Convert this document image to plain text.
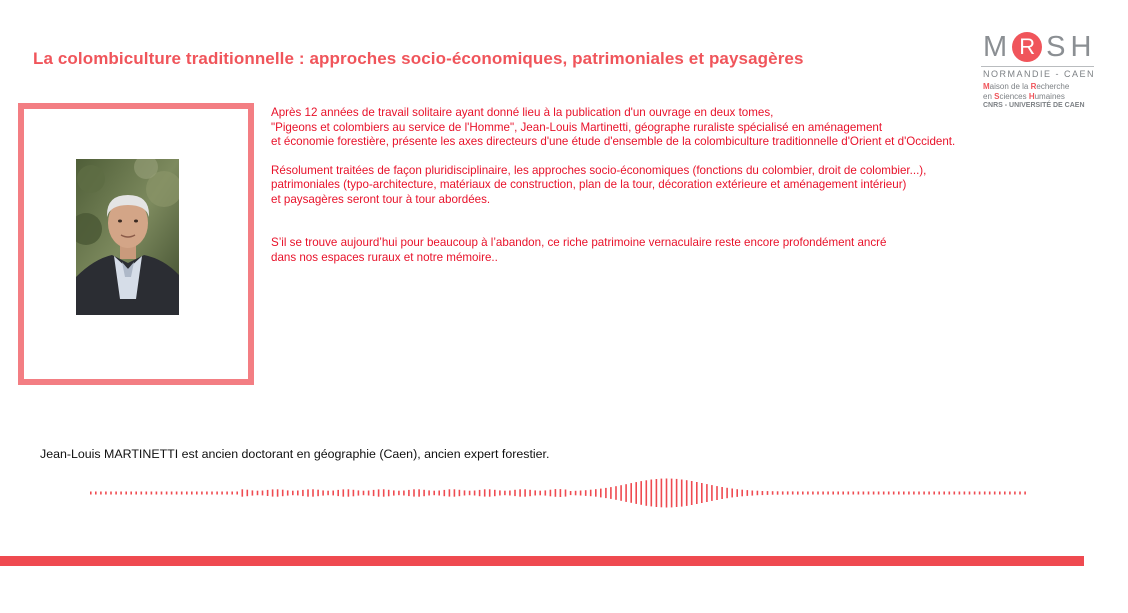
La colombiculture traditionnelle : approches socio-économiques, patrimoniales et paysagères	M R SH
NORMANDIE - CAEN
Maison de la Recherche
en Sciences Humaines
CNRS - UNIVERSITÉ DE CAEN

Après 12 années de travail solitaire ayant donné lieu à la publication d'un ouvrage en deux tomes,
"Pigeons et colombiers au service de l'Homme", Jean-Louis Martinetti, géographe ruraliste spécialisé en aménagement
et économie forestière, présente les axes directeurs d'une étude d'ensemble de la colombiculture traditionnelle d'Orient et d'Occident.

Résolument traitées de façon pluridisciplinaire, les approches socio-économiques (fonctions du colombier, droit de colombier...),
patrimoniales (typo-architecture, matériaux de construction, plan de la tour, décoration extérieure et aménagement intérieur)
et paysagères seront tour à tour abordées.

S’il se trouve aujourd’hui pour beaucoup à l’abandon, ce riche patrimoine vernaculaire reste encore profondément ancré
dans nos espaces ruraux et notre mémoire..

Jean-Louis MARTINETTI est ancien doctorant en géographie (Caen), ancien expert forestier.
